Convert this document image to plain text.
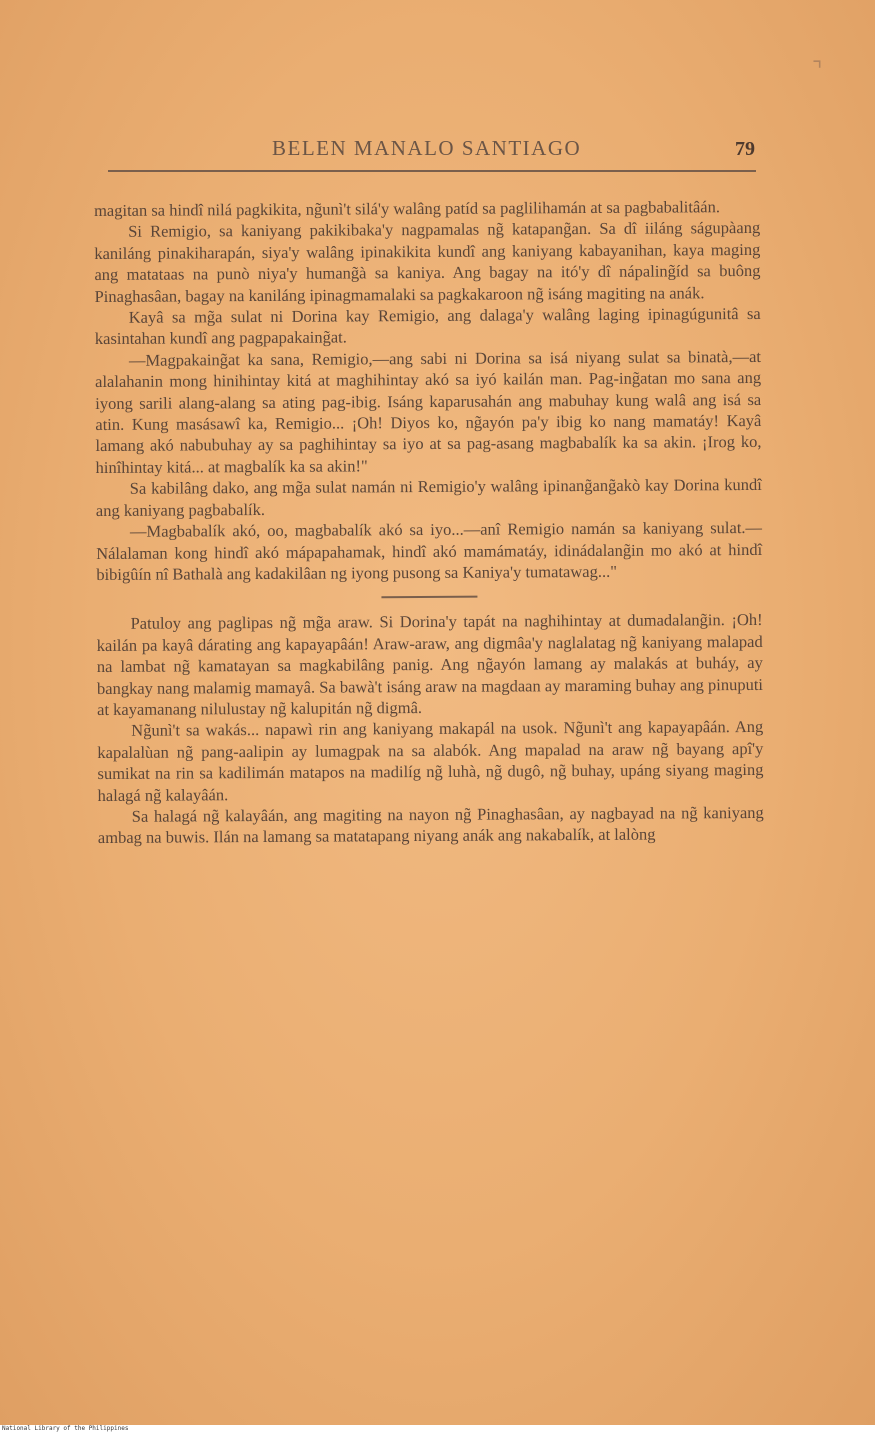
⌝
BELEN MANALO SANTIAGO	79

magitan sa hindî nilá pagkikita, ng̃unì't silá'y walâng patíd sa paglilihamán at sa pagbabalitâán.

Si Remigio, sa kaniyang pakikibaka'y nagpamalas ng̃ katapang̃an. Sa dî iiláng ságupàang kaniláng pinakiharapán, siya'y walâng ipinakikita kundî ang kaniyang kabayanihan, kaya maging ang matataas na punò niya'y humang̃à sa kaniya. Ang bagay na itó'y dî nápaling̃íd sa buông Pinaghasâan, bagay na kaniláng ipinagmamalaki sa pagkakaroon ng̃ isáng magiting na anák.

Kayâ sa mg̃a sulat ni Dorina kay Remigio, ang dalaga'y walâng laging ipinagúgunitâ sa kasintahan kundî ang pagpapakaing̃at.

—Magpakaing̃at ka sana, Remigio,—ang sabi ni Dorina sa isá niyang sulat sa binatà,—at alalahanin mong hinihintay kitá at maghihintay akó sa iyó kailán man. Pag-ing̃atan mo sana ang iyong sarili alang-alang sa ating pag-ibig. Isáng kaparusahán ang mabuhay kung walâ ang isá sa atin. Kung masásawî ka, Remigio... ¡Oh! Diyos ko, ng̃ayón pa'y ibig ko nang mamatáy! Kayâ lamang akó nabubuhay ay sa paghihintay sa iyo at sa pag-asang magbabalík ka sa akin. ¡Irog ko, hinîhintay kitá... at magbalík ka sa akin!"

Sa kabilâng dako, ang mg̃a sulat namán ni Remigio'y walâng ipinang̃ang̃akò kay Dorina kundî ang kaniyang pagbabalík.

—Magbabalík akó, oo, magbabalík akó sa iyo...—anî Remigio namán sa kaniyang sulat.—Nálalaman kong hindî akó mápapahamak, hindî akó mamámatáy, idinádalang̃in mo akó at hindî bibigûín nî Bathalà ang kadakilâan ng iyong pusong sa Kaniya'y tumatawag..."

Patuloy ang paglipas ng̃ mg̃a araw. Si Dorina'y tapát na naghihintay at dumadalang̃in. ¡Oh! kailán pa kayâ dárating ang kapayapâán! Araw-araw, ang digmâa'y naglalatag ng̃ kaniyang malapad na lambat ng̃ kamatayan sa magkabilâng panig. Ang ng̃ayón lamang ay malakás at buháy, ay bangkay nang malamig mamayâ. Sa bawà't isáng araw na magdaan ay maraming buhay ang pinuputi at kayamanang nilulustay ng̃ kalupitán ng̃ digmâ.

Ng̃unì't sa wakás... napawì rin ang kaniyang makapál na usok. Ng̃unì't ang kapayapâán. Ang kapalalùan ng̃ pang-aalipin ay lumagpak na sa alabók. Ang mapalad na araw ng̃ bayang apî'y sumikat na rin sa kadilimán matapos na madilíg ng̃ luhà, ng̃ dugô, ng̃ buhay, upáng siyang maging halagá ng̃ kalayâán.

Sa halagá ng̃ kalayâán, ang magiting na nayon ng̃ Pinaghasâan, ay nagbayad na ng̃ kaniyang ambag na buwis. Ilán na lamang sa matatapang niyang anák ang nakabalík, at lalòng

National Library of the Philippines
